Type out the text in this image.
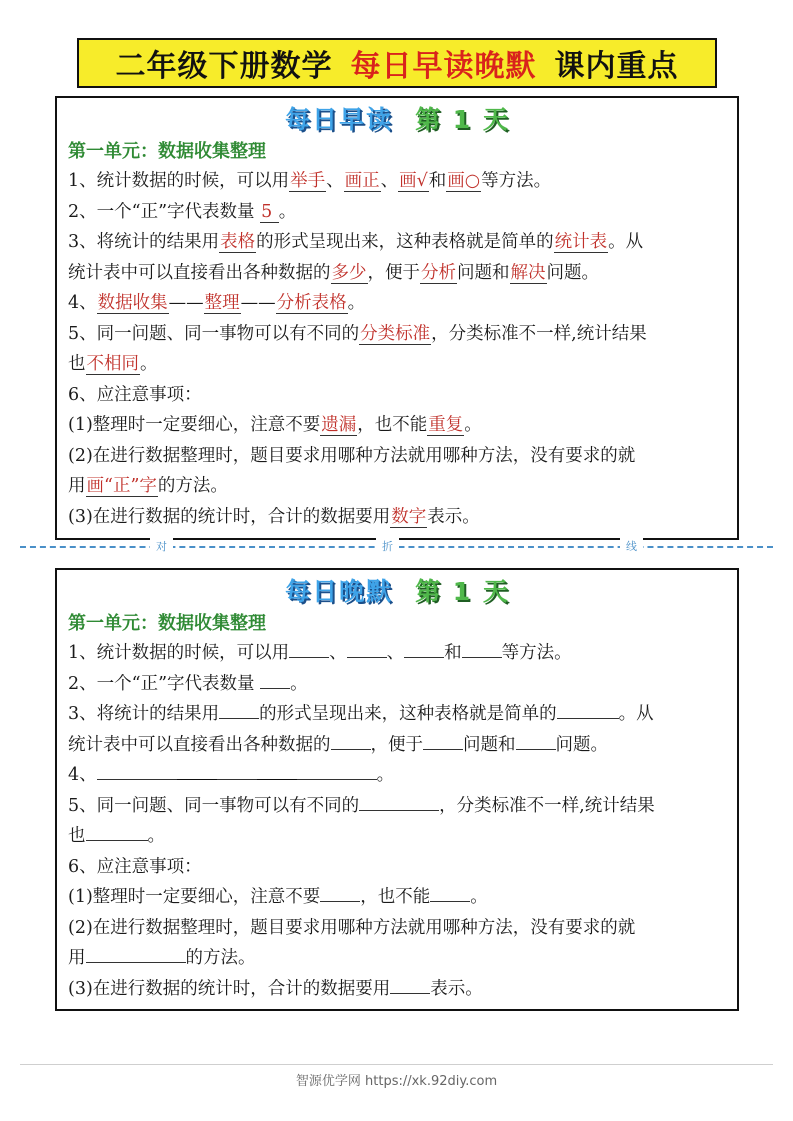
二年级下册数学 每日早读晚默 课内重点
每日早读 第 1 天
第一单元：数据收集整理
1、统计数据的时候，可以用举手、画正、画√和画○等方法。
2、一个“正”字代表数量 5 。
3、将统计的结果用表格的形式呈现出来，这种表格就是简单的统计表。从
统计表中可以直接看出各种数据的多少，便于分析问题和解决问题。
4、数据收集——整理——分析表格。
5、同一问题、同一事物可以有不同的分类标准，分类标准不一样,统计结果
也不相同。
6、应注意事项：
(1)整理时一定要细心，注意不要遗漏，也不能重复。
(2)在进行数据整理时，题目要求用哪种方法就用哪种方法，没有要求的就
用画“正”字的方法。
(3)在进行数据的统计时，合计的数据要用数字表示。
对	折	线
每日晚默 第 1 天
第一单元：数据收集整理
1、统计数据的时候，可以用 、 、 和 等方法。
2、一个“正”字代表数量 。
3、将统计的结果用 的形式呈现出来，这种表格就是简单的	。从
统计表中可以直接看出各种数据的 ，便于 问题和 问题。
4、	。
5、同一问题、同一事物可以有不同的	，分类标准不一样,统计结果
也	。
6、应注意事项：
(1)整理时一定要细心，注意不要 ，也不能 。
(2)在进行数据整理时，题目要求用哪种方法就用哪种方法，没有要求的就
用	的方法。
(3)在进行数据的统计时，合计的数据要用 表示。
智源优学网 https://xk.92diy.com
